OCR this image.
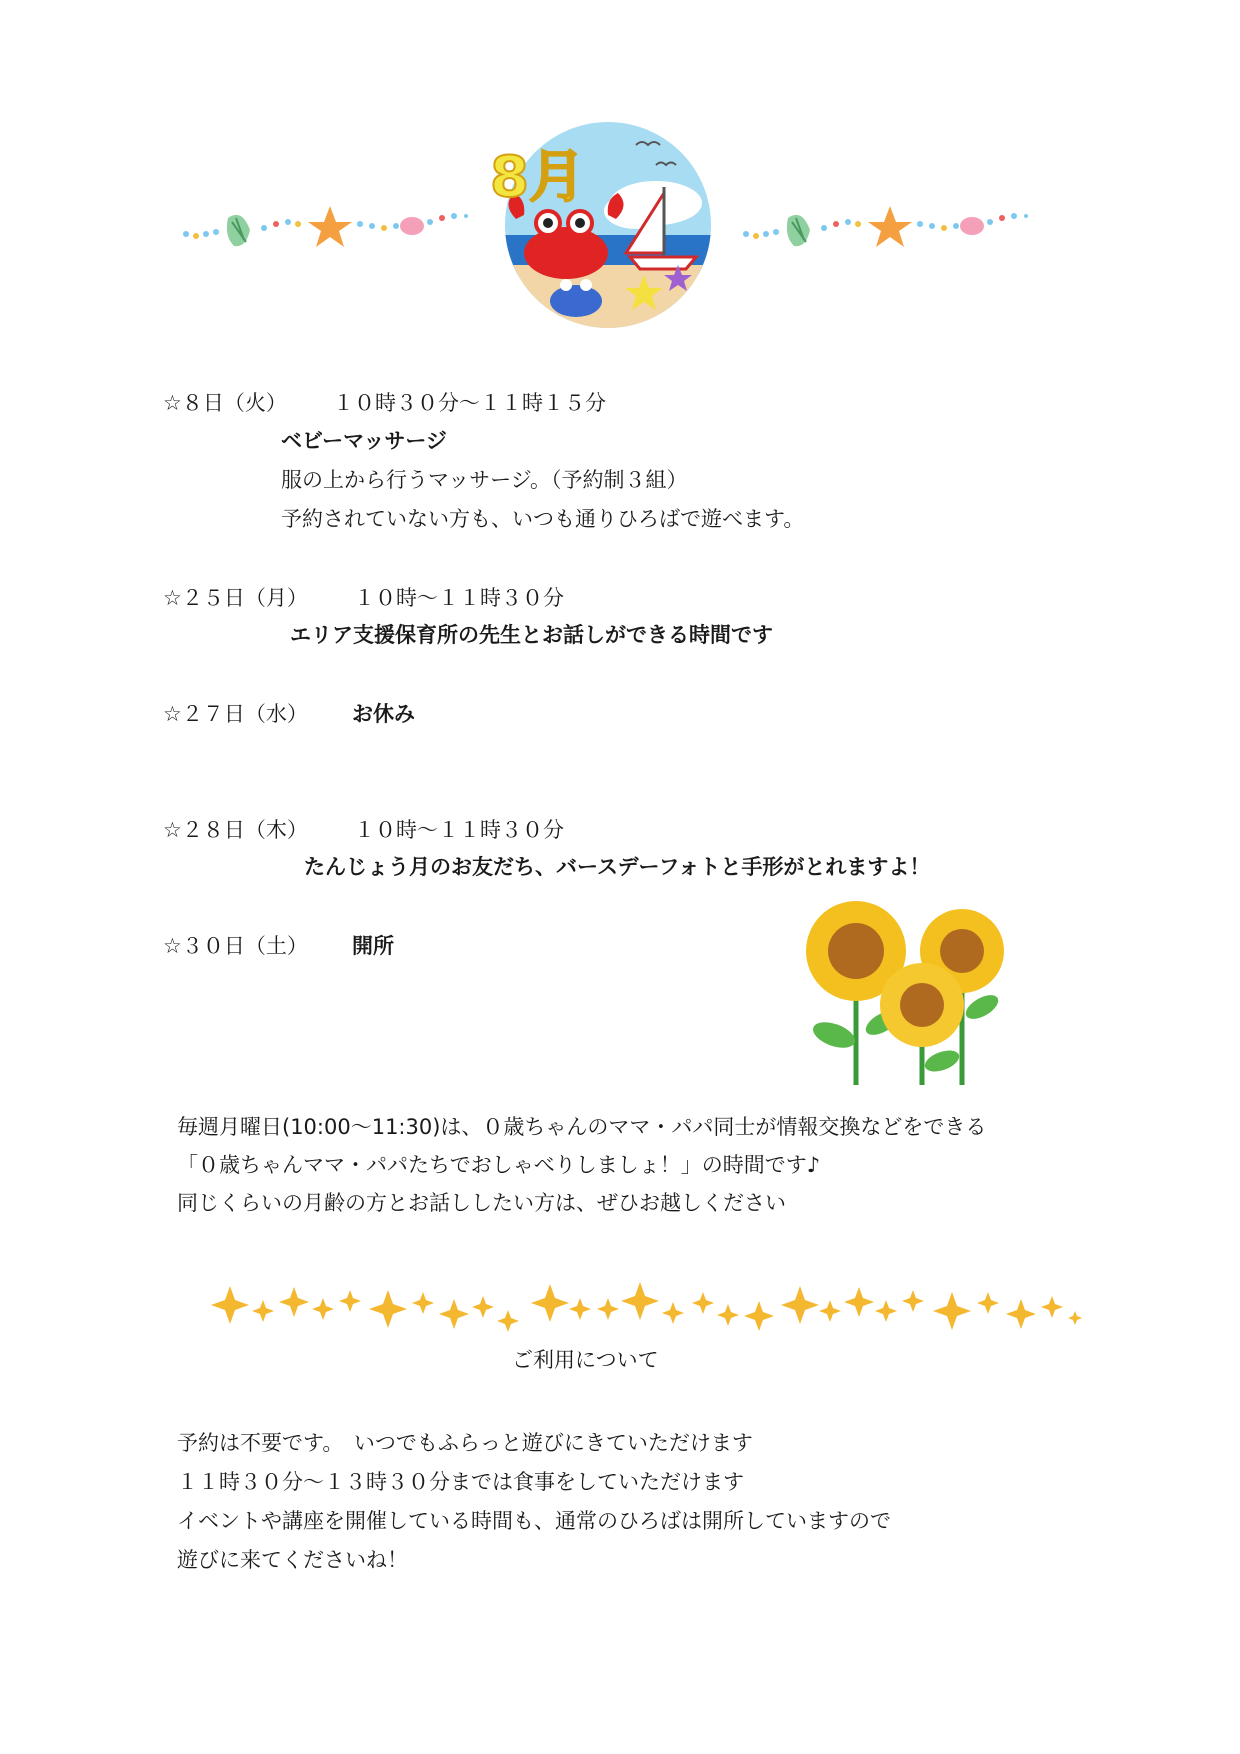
8月
☆８日（火） １０時３０分～１１時１５分
ベビーマッサージ
服の上から行うマッサージ。（予約制３組）
予約されていない方も、いつも通りひろばで遊べます。
☆２５日（月） １０時～１１時３０分
エリア支援保育所の先生とお話しができる時間です
☆２７日（水） お休み
☆２８日（木） １０時～１１時３０分
たんじょう月のお友だち、バースデーフォトと手形がとれますよ！
☆３０日（土） 開所
毎週月曜日(10:00～11:30)は、０歳ちゃんのママ・パパ同士が情報交換などをできる
「０歳ちゃんママ・パパたちでおしゃべりしましょ！」の時間です♪
同じくらいの月齢の方とお話ししたい方は、ぜひお越しください
ご利用について
予約は不要です。　いつでもふらっと遊びにきていただけます
１１時３０分～１３時３０分までは食事をしていただけます
イベントや講座を開催している時間も、通常のひろばは開所していますので
遊びに来てくださいね！
